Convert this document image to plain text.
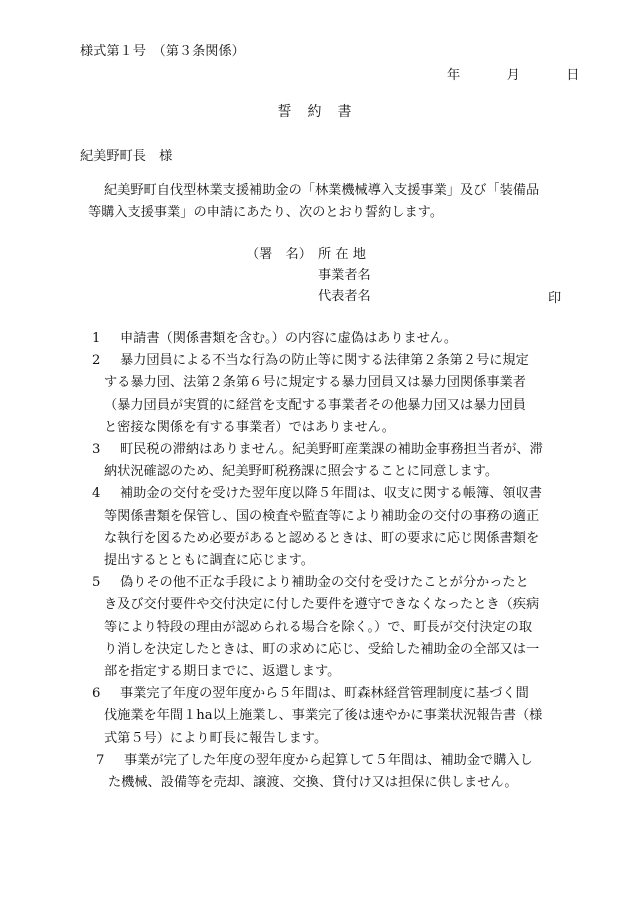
様式第１号　（第３条関係）
年	月	日
誓　約　書
紀美野町長　様
紀美野町自伐型林業支援補助金の「林業機械導入支援事業」及び「装備品
等購入支援事業」の申請にあたり、次のとおり誓約します。
（署　名） 所 在 地
事業者名
代表者名	印
1	申請書（関係書類を含む。）の内容に虚偽はありません。
2	暴力団員による不当な行為の防止等に関する法律第２条第２号に規定
する暴力団、法第２条第６号に規定する暴力団員又は暴力団関係事業者
（暴力団員が実質的に経営を支配する事業者その他暴力団又は暴力団員
と密接な関係を有する事業者）ではありません。
3	町民税の滞納はありません。紀美野町産業課の補助金事務担当者が、滞
納状況確認のため、紀美野町税務課に照会することに同意します。
4	補助金の交付を受けた翌年度以降５年間は、収支に関する帳簿、領収書
等関係書類を保管し、国の検査や監査等により補助金の交付の事務の適正
な執行を図るため必要があると認めるときは、町の要求に応じ関係書類を
提出するとともに調査に応じます。
5	偽りその他不正な手段により補助金の交付を受けたことが分かったと
き及び交付要件や交付決定に付した要件を遵守できなくなったとき（疾病
等により特段の理由が認められる場合を除く。）で、町長が交付決定の取
り消しを決定したときは、町の求めに応じ、受給した補助金の全部又は一
部を指定する期日までに、返還します。
6	事業完了年度の翌年度から５年間は、町森林経営管理制度に基づく間
伐施業を年間１ha以上施業し、事業完了後は速やかに事業状況報告書（様
式第５号）により町長に報告します。
7	事業が完了した年度の翌年度から起算して５年間は、補助金で購入し
た機械、設備等を売却、譲渡、交換、貸付け又は担保に供しません。
